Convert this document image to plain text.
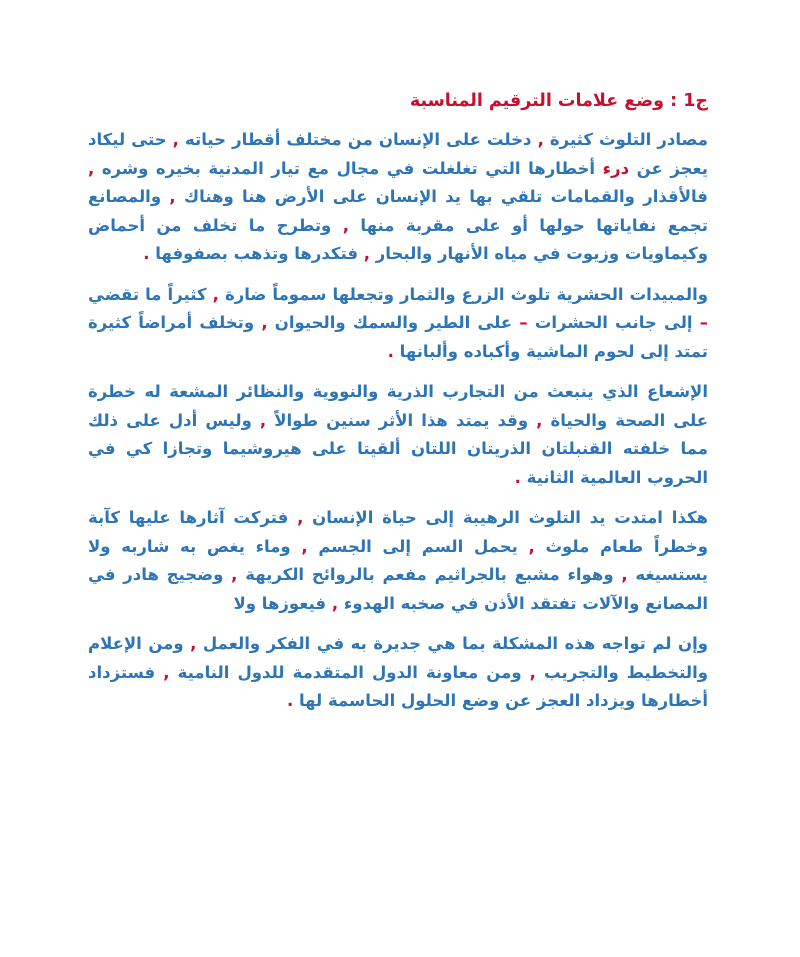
ج1 : وضع علامات الترقيم المناسبة

مصادر التلوث كثيرة , دخلت على الإنسان من مختلف أقطار حياته , حتى ليكاد يعجز عن درء أخطارها التي تغلغلت في مجال مع تيار المدنية بخيره وشره , فالأقذار والقمامات تلقي بها يد الإنسان على الأرض هنا وهناك , والمصانع تجمع نفاياتها حولها أو على مقربة منها , وتطرح ما تخلف من أحماض وكيماويات وزيوت في مياه الأنهار والبحار , فتكدرها وتذهب بصفوفها .

والمبيدات الحشرية تلوث الزرع والثمار وتجعلها سموماً ضارة , كثيراً ما تقضي – إلى جانب الحشرات – على الطير والسمك والحيوان , وتخلف أمراضاً كثيرة تمتد إلى لحوم الماشية وأكباده وألبانها .

الإشعاع الذي ينبعث من التجارب الذرية والنووية والنظائر المشعة له خطرة على الصحة والحياة , وقد يمتد هذا الأثر سنين طوالاً , وليس أدل على ذلك مما خلفته القنبلتان الذريتان اللتان ألقيتا على هيروشيما وتجازا كي في الحروب العالمية الثانية .

هكذا امتدت يد التلوث الرهيبة إلى حياة الإنسان , فتركت آثارها عليها كآبة وخطراً طعام ملوث , يحمل السم إلى الجسم , وماء يغص به شاربه ولا يستسيغه , وهواء مشبع بالجراثيم مفعم بالروائح الكريهة , وضجيج هادر في المصانع والآلات تفتقد الأذن في صخبه الهدوء , فيعوزها ولا

وإن لم تواجه هذه المشكلة بما هي جديرة به في الفكر والعمل , ومن الإعلام والتخطيط والتجريب , ومن معاونة الدول المتقدمة للدول النامية , فستزداد أخطارها ويزداد العجز عن وضع الحلول الحاسمة لها .
